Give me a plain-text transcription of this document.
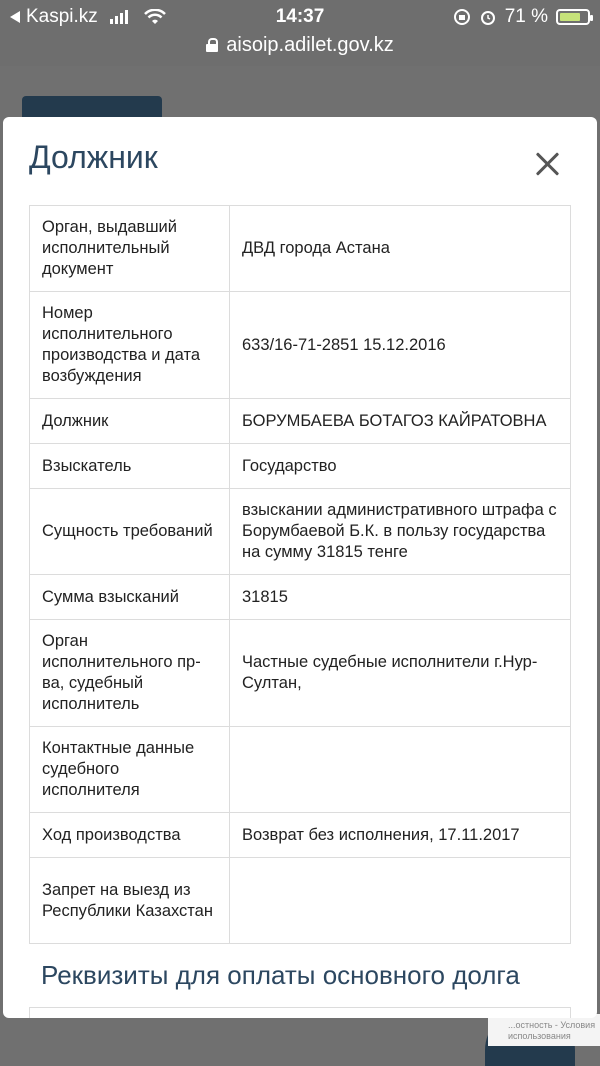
Kaspi.kz	14:37	71 %
aisoip.adilet.gov.kz
...остность - Условия использования
Должник
Орган, выдавший исполнительный документ	ДВД города Астана
Номер исполнительного производства и дата возбуждения	633/16-71-2851 15.12.2016
Должник	БОРУМБАЕВА БОТАГОЗ КАЙРАТОВНА
Взыскатель	Государство
Сущность требований	взыскании административного штрафа с Борумбаевой Б.К. в пользу государства на сумму 31815 тенге
Сумма взысканий	31815
Орган исполнительного пр-ва, судебный исполнитель	Частные судебные исполнители г.Нур-Султан,
Контактные данные судебного исполнителя	
Ход производства	Возврат без исполнения, 17.11.2017
Запрет на выезд из Республики Казахстан	
Реквизиты для оплаты основного долга
